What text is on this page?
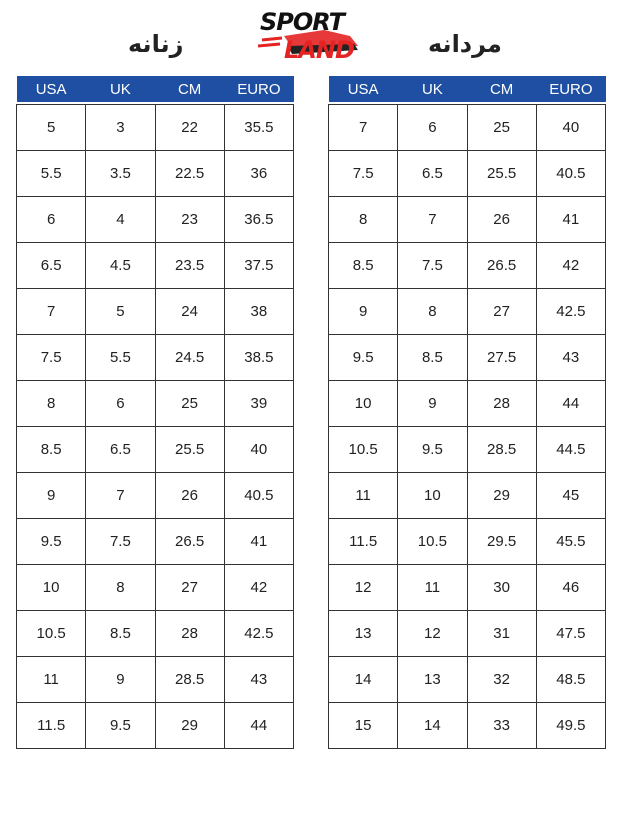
زنانه	مردانه
SPORT
LAND
USA	UK	CM	EURO

5	3	22	35.5
5.5	3.5	22.5	36
6	4	23	36.5
6.5	4.5	23.5	37.5
7	5	24	38
7.5	5.5	24.5	38.5
8	6	25	39
8.5	6.5	25.5	40
9	7	26	40.5
9.5	7.5	26.5	41
10	8	27	42
10.5	8.5	28	42.5
11	9	28.5	43
11.5	9.5	29	44
USA	UK	CM	EURO

7	6	25	40
7.5	6.5	25.5	40.5
8	7	26	41
8.5	7.5	26.5	42
9	8	27	42.5
9.5	8.5	27.5	43
10	9	28	44
10.5	9.5	28.5	44.5
11	10	29	45
11.5	10.5	29.5	45.5
12	11	30	46
13	12	31	47.5
14	13	32	48.5
15	14	33	49.5
